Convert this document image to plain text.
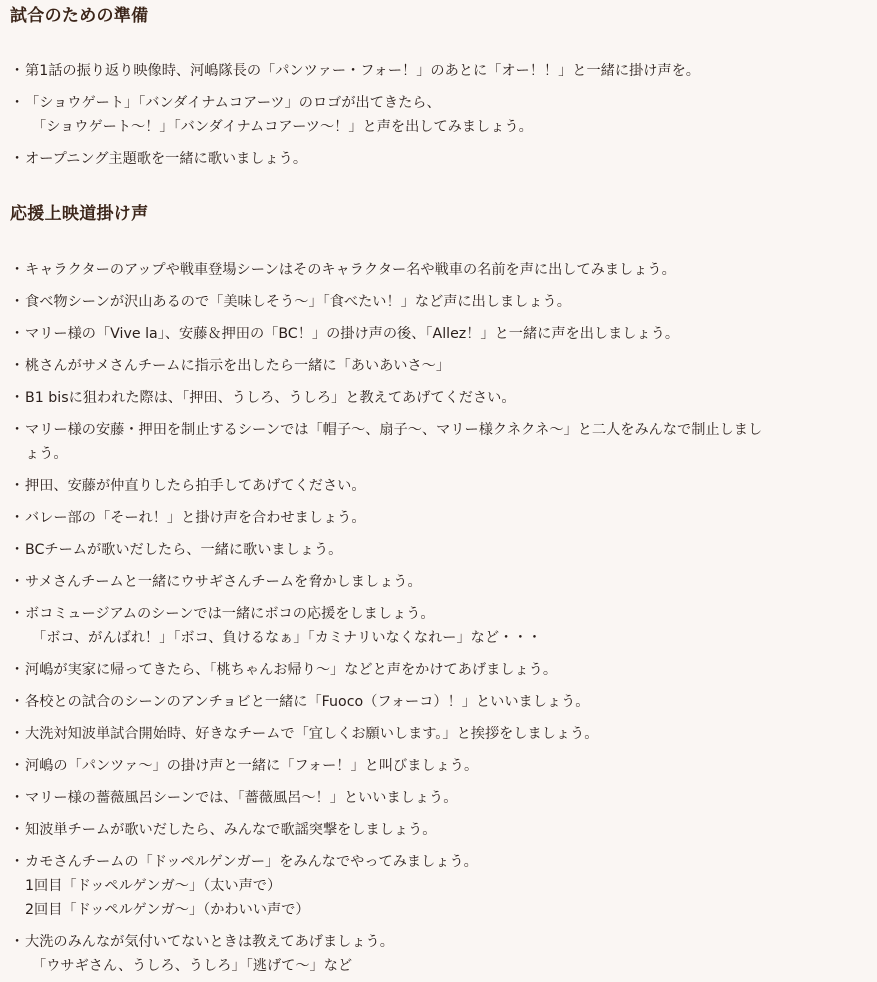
試合のための準備
・ 第1話の振り返り映像時、河嶋隊長の「パンツァー・フォー！」のあとに「オー！！」と一緒に掛け声を。
・ 「ショウゲート」「バンダイナムコアーツ」のロゴが出てきたら、
「ショウゲート〜！」「バンダイナムコアーツ〜！」と声を出してみましょう。
・ オープニング主題歌を一緒に歌いましょう。
応援上映道掛け声
・ キャラクターのアップや戦車登場シーンはそのキャラクター名や戦車の名前を声に出してみましょう。
・ 食べ物シーンが沢山あるので「美味しそう〜」「食べたい！」など声に出しましょう。
・ マリー様の「Vive la」、安藤＆押田の「BC！」の掛け声の後、「Allez！」と一緒に声を出しましょう。
・ 桃さんがサメさんチームに指示を出したら一緒に「あいあいさ〜」
・ B1 bisに狙われた際は、「押田、うしろ、うしろ」と教えてあげてください。
・ マリー様の安藤・押田を制止するシーンでは「帽子〜、扇子〜、マリー様クネクネ〜」と二人をみんなで制止しまし
ょう。
・ 押田、安藤が仲直りしたら拍手してあげてください。
・ バレー部の「そーれ！」と掛け声を合わせましょう。
・ BCチームが歌いだしたら、一緒に歌いましょう。
・ サメさんチームと一緒にウサギさんチームを脅かしましょう。
・ ボコミュージアムのシーンでは一緒にボコの応援をしましょう。
「ボコ、がんばれ！」「ボコ、負けるなぁ」「カミナリいなくなれー」など・・・
・ 河嶋が実家に帰ってきたら、「桃ちゃんお帰り〜」などと声をかけてあげましょう。
・ 各校との試合のシーンのアンチョビと一緒に「Fuoco（フォーコ）！」といいましょう。
・ 大洗対知波単試合開始時、好きなチームで「宜しくお願いします。」と挨拶をしましょう。
・ 河嶋の「パンツァ〜」の掛け声と一緒に「フォー！」と叫びましょう。
・ マリー様の薔薇風呂シーンでは、「薔薇風呂〜！」といいましょう。
・ 知波単チームが歌いだしたら、みんなで歌謡突撃をしましょう。
・ カモさんチームの「ドッペルゲンガー」をみんなでやってみましょう。
1回目「ドッペルゲンガ〜」（太い声で）
2回目「ドッペルゲンガ〜」（かわいい声で）
・ 大洗のみんなが気付いてないときは教えてあげましょう。
「ウサギさん、うしろ、うしろ」「逃げて〜」など
